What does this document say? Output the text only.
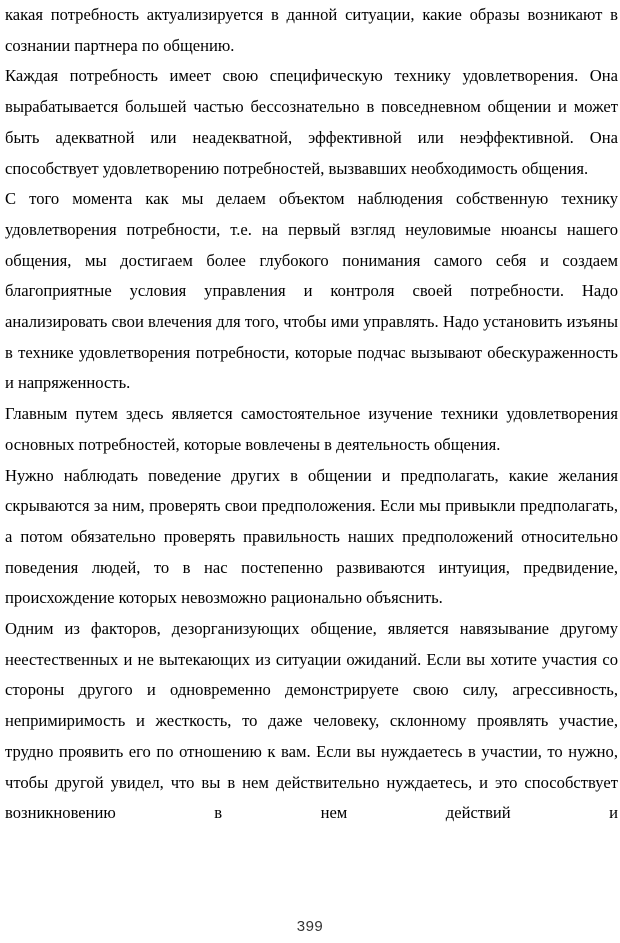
какая потребность актуализируется в данной ситуации, какие образы возникают в сознании партнера по общению.

Каждая потребность имеет свою специфическую технику удовлетворения. Она вырабатывается большей частью бессознательно в повседневном общении и может быть адекватной или неадекватной, эффективной или неэффективной. Она способствует удовлетворению потребностей, вызвавших необходимость общения.

С того момента как мы делаем объектом наблюдения собственную технику удовлетворения потребности, т.е. на первый взгляд неуловимые нюансы нашего общения, мы достигаем более глубокого понимания самого себя и создаем благоприятные условия управления и контроля своей потребности. Надо анализировать свои влечения для того, чтобы ими управлять. Надо установить изъяны в технике удовлетворения потребности, которые подчас вызывают обескураженность и напряженность.

Главным путем здесь является самостоятельное изучение техники удовлетворения основных потребностей, которые вовлечены в деятельность общения.

Нужно наблюдать поведение других в общении и предполагать, какие желания скрываются за ним, проверять свои предположения. Если мы привыкли предполагать, а потом обязательно проверять правильность наших предположений относительно поведения людей, то в нас постепенно развиваются интуиция, предвидение, происхождение которых невозможно рационально объяснить.

Одним из факторов, дезорганизующих общение, является навязывание другому неестественных и не вытекающих из ситуации ожиданий. Если вы хотите участия со стороны другого и одновременно демонстрируете свою силу, агрессивность, непримиримость и жесткость, то даже человеку, склонному проявлять участие, трудно проявить его по отношению к вам. Если вы нуждаетесь в участии, то нужно, чтобы другой увидел, что вы в нем действительно нуждаетесь, и это способствует возникновению в нем действий и

399
